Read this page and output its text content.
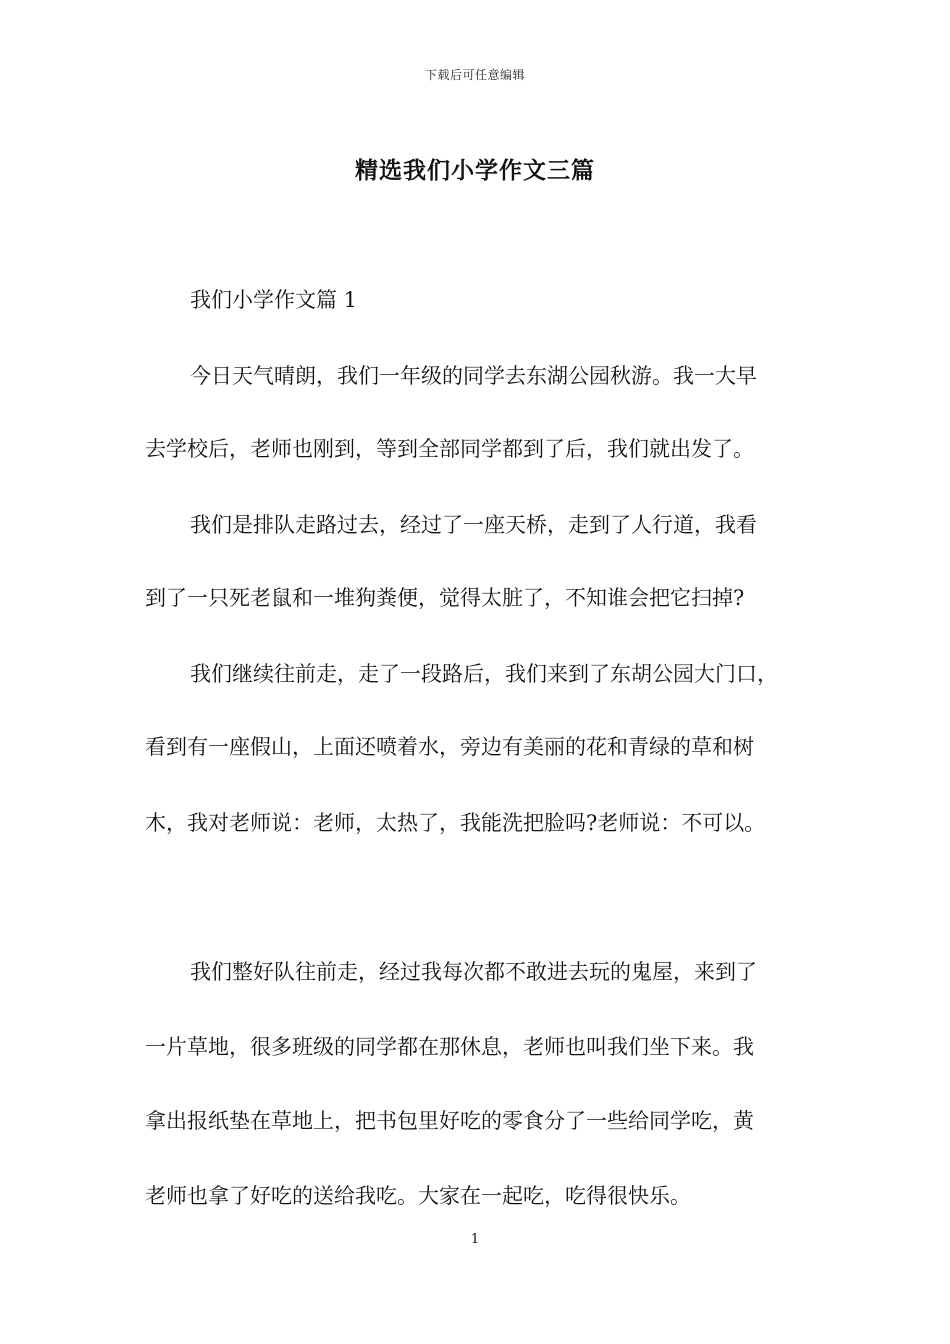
下载后可任意编辑
精选我们小学作文三篇
我们小学作文篇 1
今日天气晴朗，我们一年级的同学去东湖公园秋游。我一大早
去学校后，老师也刚到，等到全部同学都到了后，我们就出发了。
我们是排队走路过去，经过了一座天桥，走到了人行道，我看
到了一只死老鼠和一堆狗粪便，觉得太脏了，不知谁会把它扫掉?
我们继续往前走，走了一段路后，我们来到了东胡公园大门口，
看到有一座假山，上面还喷着水，旁边有美丽的花和青绿的草和树
木，我对老师说：老师，太热了，我能洗把脸吗?老师说：不可以。
我们整好队往前走，经过我每次都不敢进去玩的鬼屋，来到了
一片草地，很多班级的同学都在那休息，老师也叫我们坐下来。我
拿出报纸垫在草地上，把书包里好吃的零食分了一些给同学吃，黄
老师也拿了好吃的送给我吃。大家在一起吃，吃得很快乐。
1
